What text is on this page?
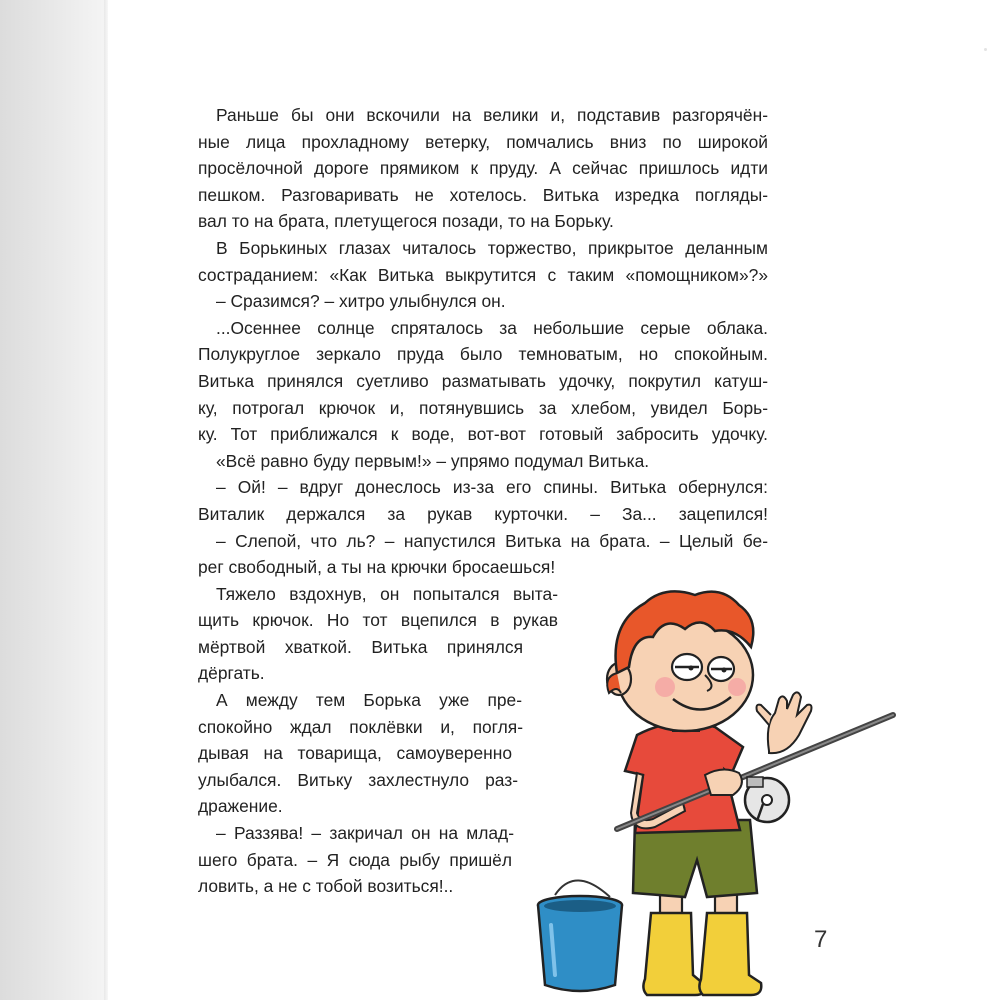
Раньше бы они вскочили на велики и, подставив разгорячён-
ные лица прохладному ветерку, помчались вниз по широкой
просёлочной дороге прямиком к пруду. А сейчас пришлось идти
пешком. Разговаривать не хотелось. Витька изредка погляды-
вал то на брата, плетущегося позади, то на Борьку.
В Борькиных глазах читалось торжество, прикрытое деланным
состраданием: «Как Витька выкрутится с таким «помощником»?»
– Сразимся? – хитро улыбнулся он.
...Осеннее солнце спряталось за небольшие серые облака.
Полукруглое зеркало пруда было темноватым, но спокойным.
Витька принялся суетливо разматывать удочку, покрутил катуш-
ку, потрогал крючок и, потянувшись за хлебом, увидел Борь-
ку. Тот приближался к воде, вот-вот готовый забросить удочку.
«Всё равно буду первым!» – упрямо подумал Витька.
– Ой! – вдруг донеслось из-за его спины. Витька обернулся:
Виталик держался за рукав курточки. – За... зацепился!
– Слепой, что ль? – напустился Витька на брата. – Целый бе-
рег свободный, а ты на крючки бросаешься!
Тяжело вздохнув, он попытался выта-
щить крючок. Но тот вцепился в рукав
мёртвой хваткой. Витька принялся
дёргать.
А между тем Борька уже пре-
спокойно ждал поклёвки и, погля-
дывая на товарища, самоуверенно
улыбался. Витьку захлестнуло раз-
дражение.
– Раззява! – закричал он на млад-
шего брата. – Я сюда рыбу пришёл
ловить, а не с тобой возиться!..
7
